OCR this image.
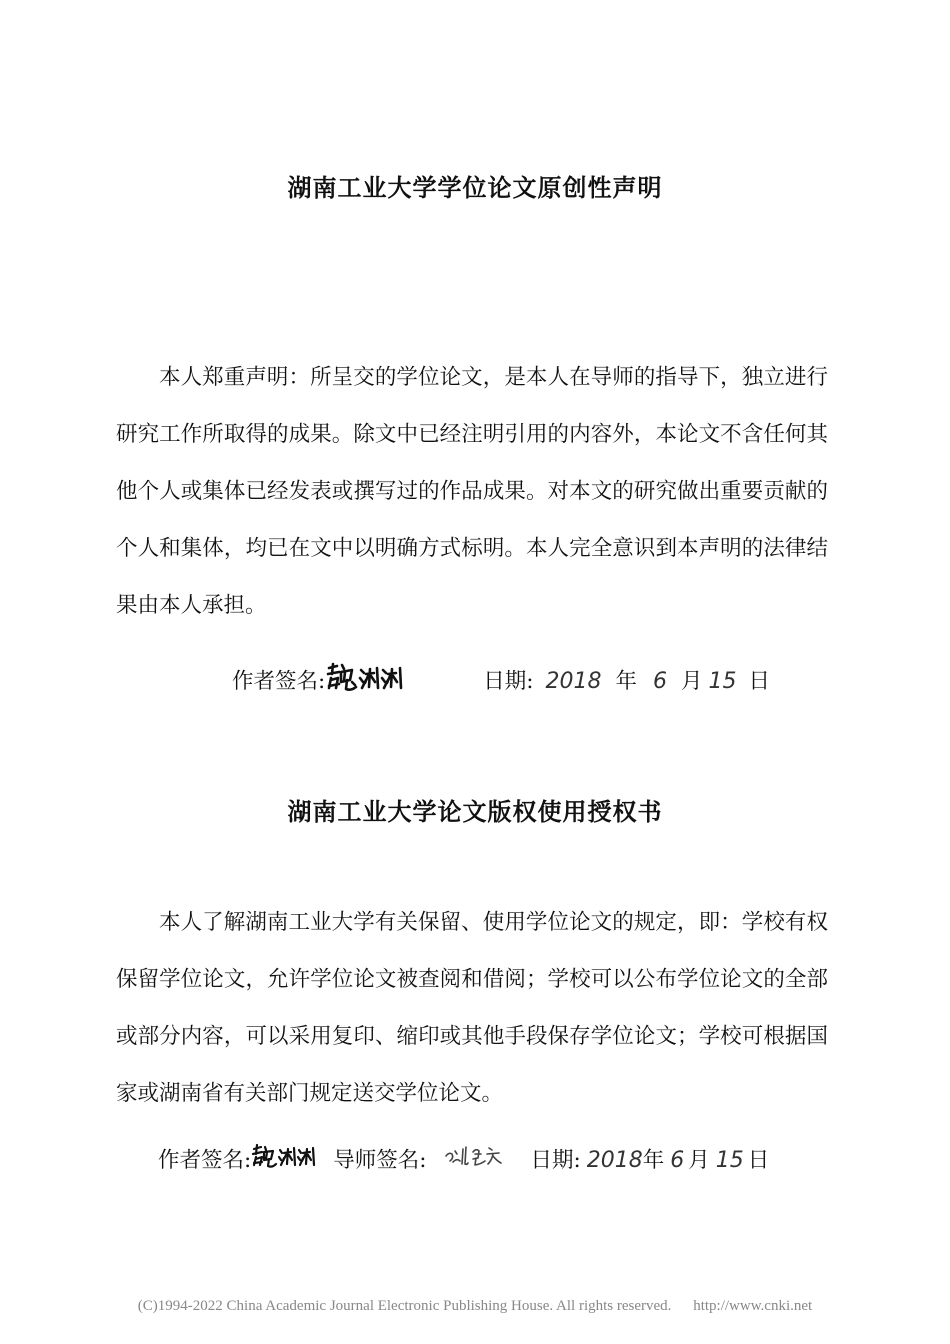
湖南工业大学学位论文原创性声明

本人郑重声明：所呈交的学位论文，是本人在导师的指导下，独立进行研究工作所取得的成果。除文中已经注明引用的内容外，本论文不含任何其他个人或集体已经发表或撰写过的作品成果。对本文的研究做出重要贡献的个人和集体，均已在文中以明确方式标明。本人完全意识到本声明的法律结果由本人承担。

作者签名:	日期: 2018 年 6 月 15 日
湖南工业大学论文版权使用授权书

本人了解湖南工业大学有关保留、使用学位论文的规定，即：学校有权保留学位论文，允许学位论文被查阅和借阅；学校可以公布学位论文的全部或部分内容，可以采用复印、缩印或其他手段保存学位论文；学校可根据国家或湖南省有关部门规定送交学位论文。

作者签名:	导师签名:	日期: 2018 年 6 月 15 日
(C)1994-2022 China Academic Journal Electronic Publishing House. All rights reserved. http://www.cnki.net
